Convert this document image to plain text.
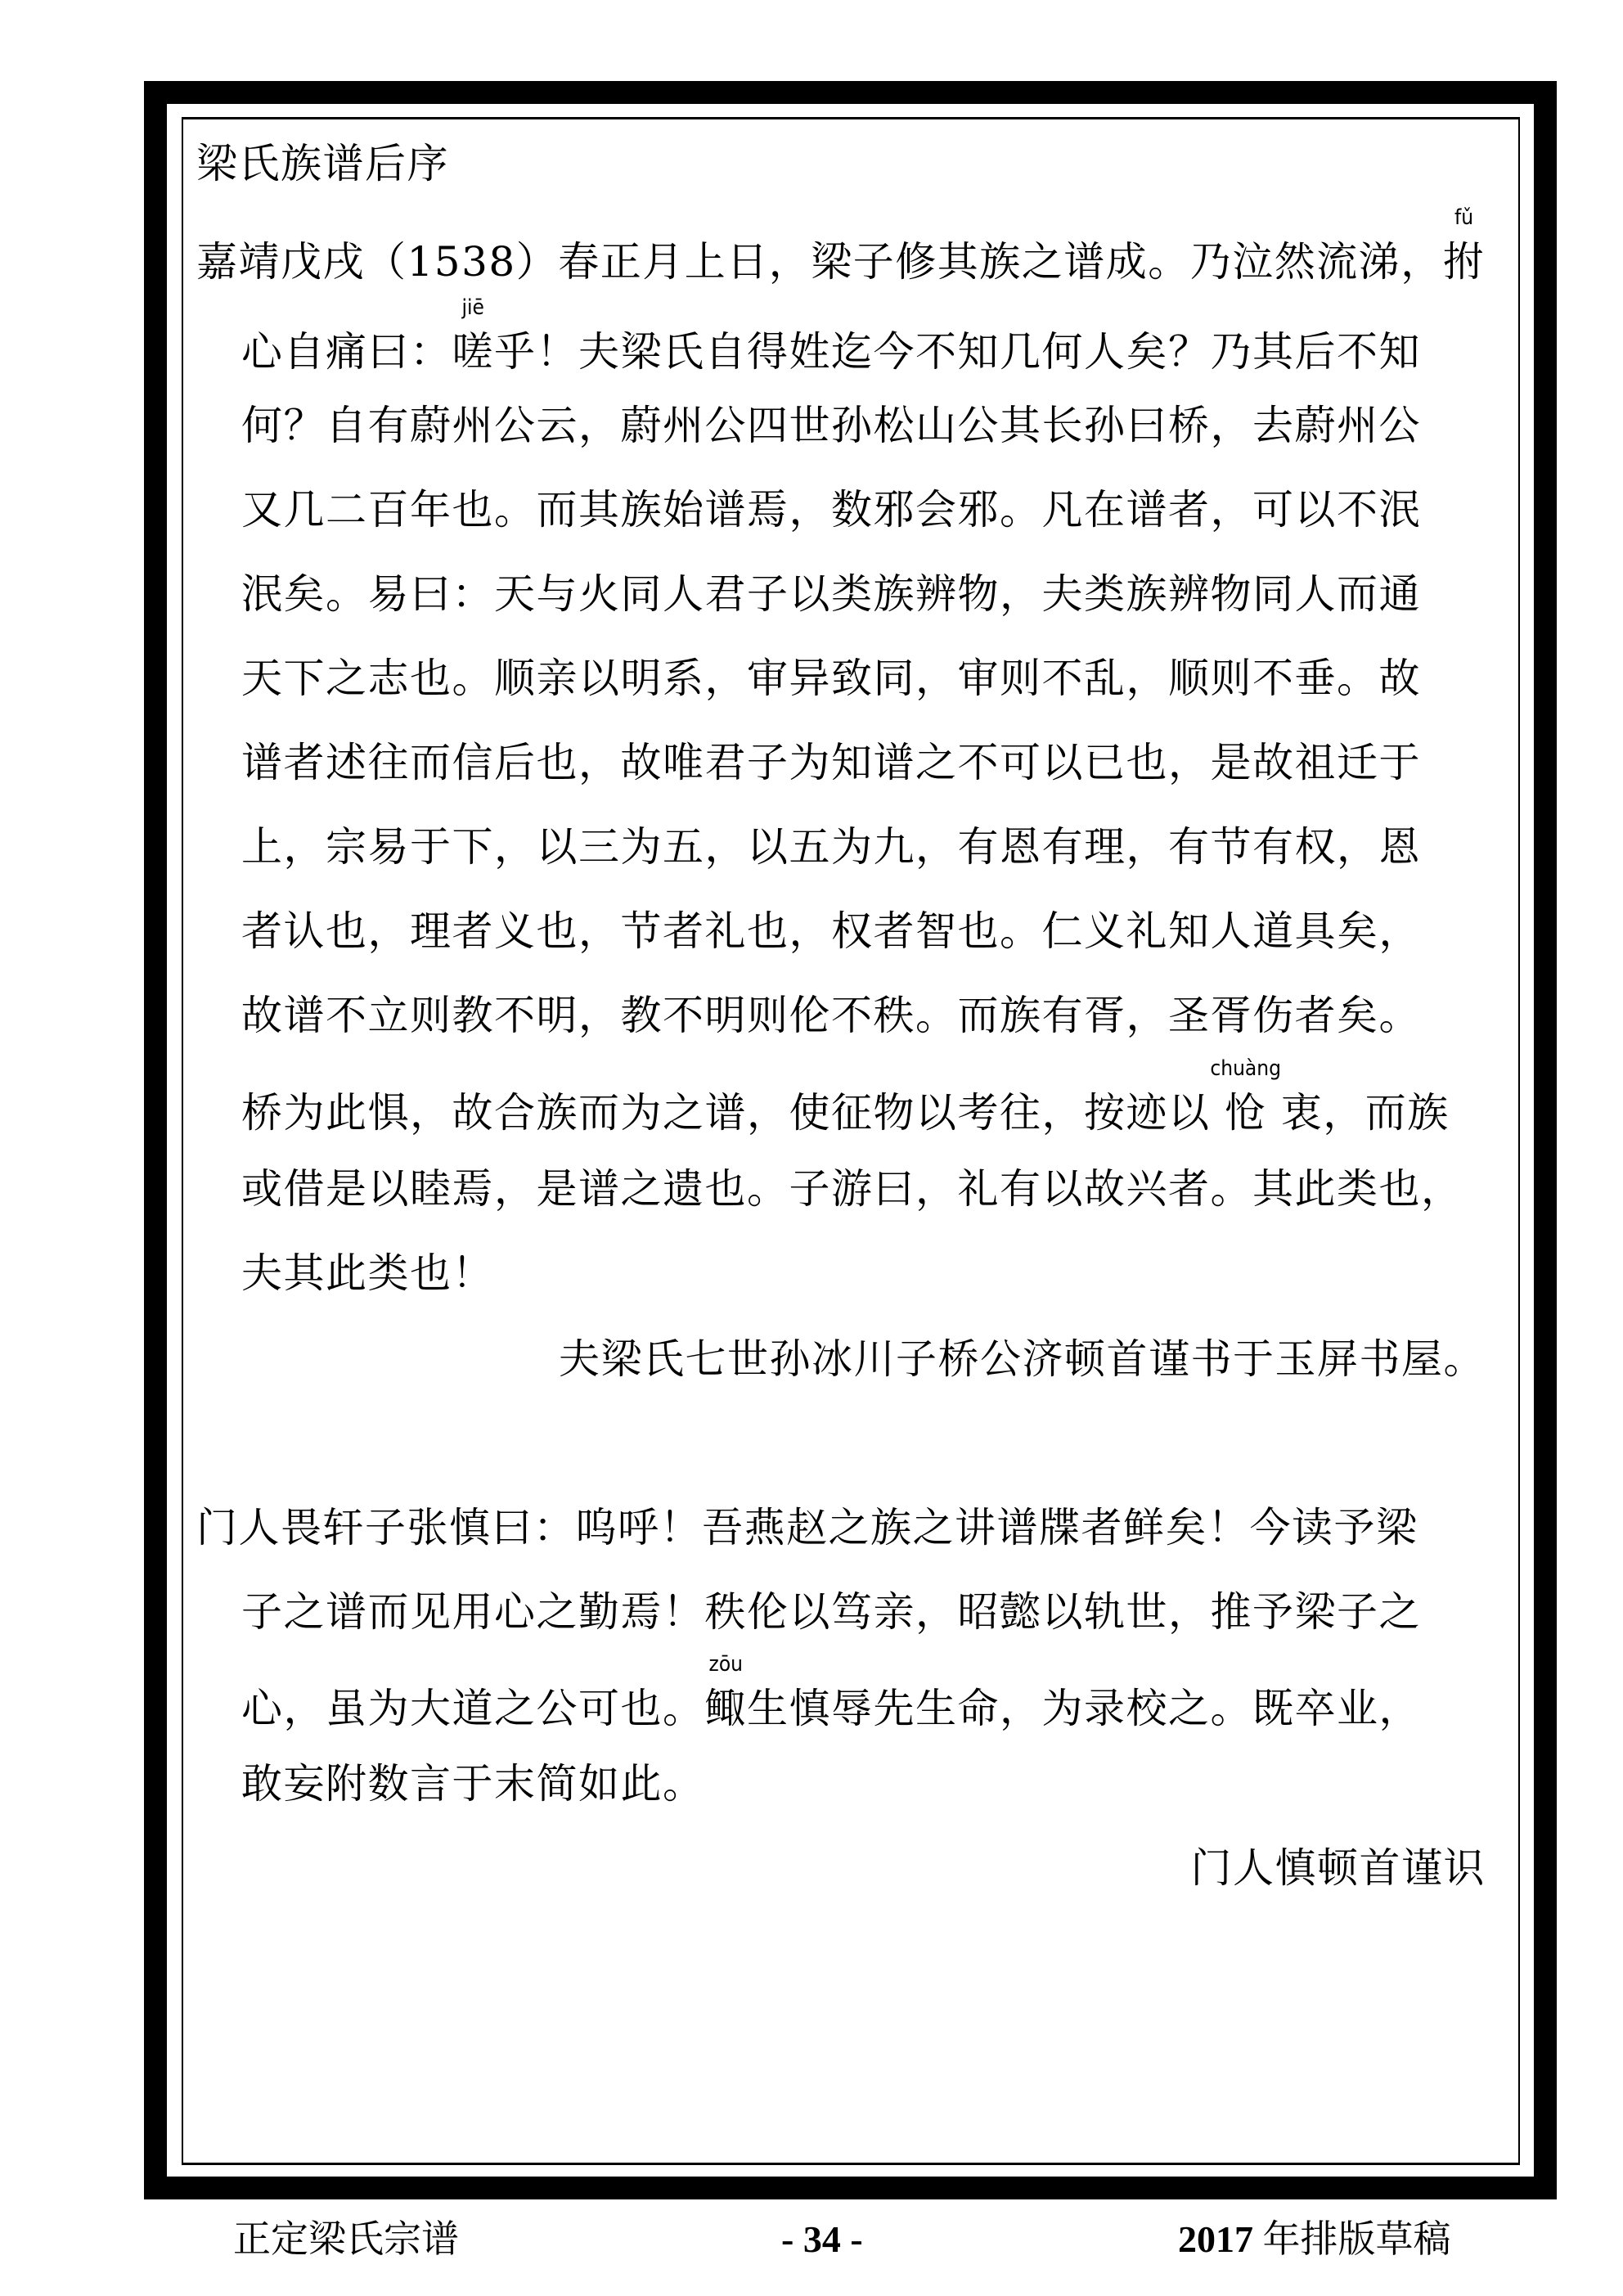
梁氏族谱后序
嘉靖戊戌（1538）春正月上日，梁子修其族之谱成。乃泣然流涕，
fǔ
拊
心自痛曰：
jiē
嗟乎！夫梁氏自得姓迄今不知几何人矣？乃其后不知
何？自有蔚州公云，蔚州公四世孙松山公其长孙曰桥，去蔚州公
又几二百年也。而其族始谱焉，数邪会邪。凡在谱者，可以不泯
泯矣。易曰：天与火同人君子以类族辨物，夫类族辨物同人而通
天下之志也。顺亲以明系，审异致同，审则不乱，顺则不垂。故
谱者述往而信后也，故唯君子为知谱之不可以已也，是故祖迁于
上，宗易于下，以三为五，以五为九，有恩有理，有节有权，恩
者认也，理者义也，节者礼也，权者智也。仁义礼知人道具矣，
故谱不立则教不明，教不明则伦不秩。而族有胥，圣胥伤者矣。
桥为此惧，故合族而为之谱，使征物以考往，按迹以
chuàng
怆 衷，而族
或借是以睦焉，是谱之遗也。子游曰，礼有以故兴者。其此类也，
夫其此类也！
夫梁氏七世孙冰川子桥公济顿首谨书于玉屏书屋。
门人畏轩子张慎曰：呜呼！吾燕赵之族之讲谱牒者鲜矣！今读予梁
子之谱而见用心之勤焉！秩伦以笃亲，昭懿以轨世，推予梁子之
心，虽为大道之公可也。
zōu
鲰生慎辱先生命，为录校之。既卒业，
敢妄附数言于末简如此。
门人慎顿首谨识
正定梁氏宗谱	- 34 -	2017 年排版草稿
